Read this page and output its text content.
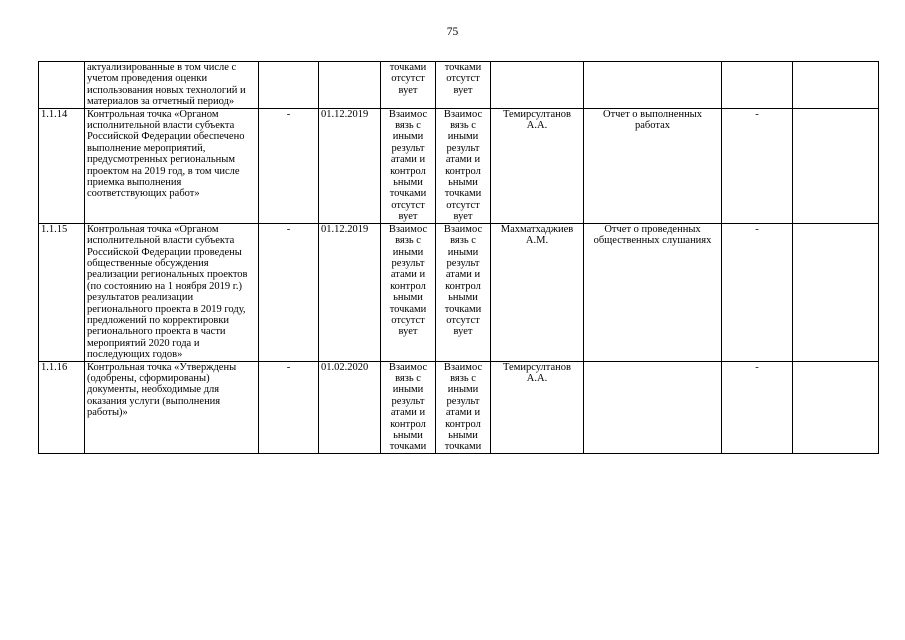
75
	актуализированные в том числе с учетом проведения оценки использования новых технологий и материалов за отчетный период»			точками отсутст вует	точками отсутст вует				
1.1.14	Контрольная точка «Органом исполнительной власти субъекта Российской Федерации обеспечено выполнение мероприятий, предусмотренных региональным проектом на 2019 год, в том числе приемка выполнения соответствующих работ»	-	01.12.2019	Взаимос вязь с иными результ атами и контрол ьными точками отсутст вует	Взаимос вязь с иными результ атами и контрол ьными точками отсутст вует	Темирсултанов А.А.	Отчет о выполненных работах	-	
1.1.15	Контрольная точка «Органом исполнительной власти субъекта Российской Федерации проведены общественные обсуждения реализации региональных проектов (по состоянию на 1 ноября 2019 г.) результатов реализации регионального проекта в 2019 году, предложений по корректировки регионального проекта в части мероприятий 2020 года и последующих годов»	-	01.12.2019	Взаимос вязь с иными результ атами и контрол ьными точками отсутст вует	Взаимос вязь с иными результ атами и контрол ьными точками отсутст вует	Махматхаджиев А.М.	Отчет о проведенных общественных слушаниях	-	
1.1.16	Контрольная точка «Утверждены (одобрены, сформированы) документы, необходимые для оказания услуги (выполнения работы)»	-	01.02.2020	Взаимос вязь с иными результ атами и контрол ьными точками	Взаимос вязь с иными результ атами и контрол ьными точками	Темирсултанов А.А.		-	
